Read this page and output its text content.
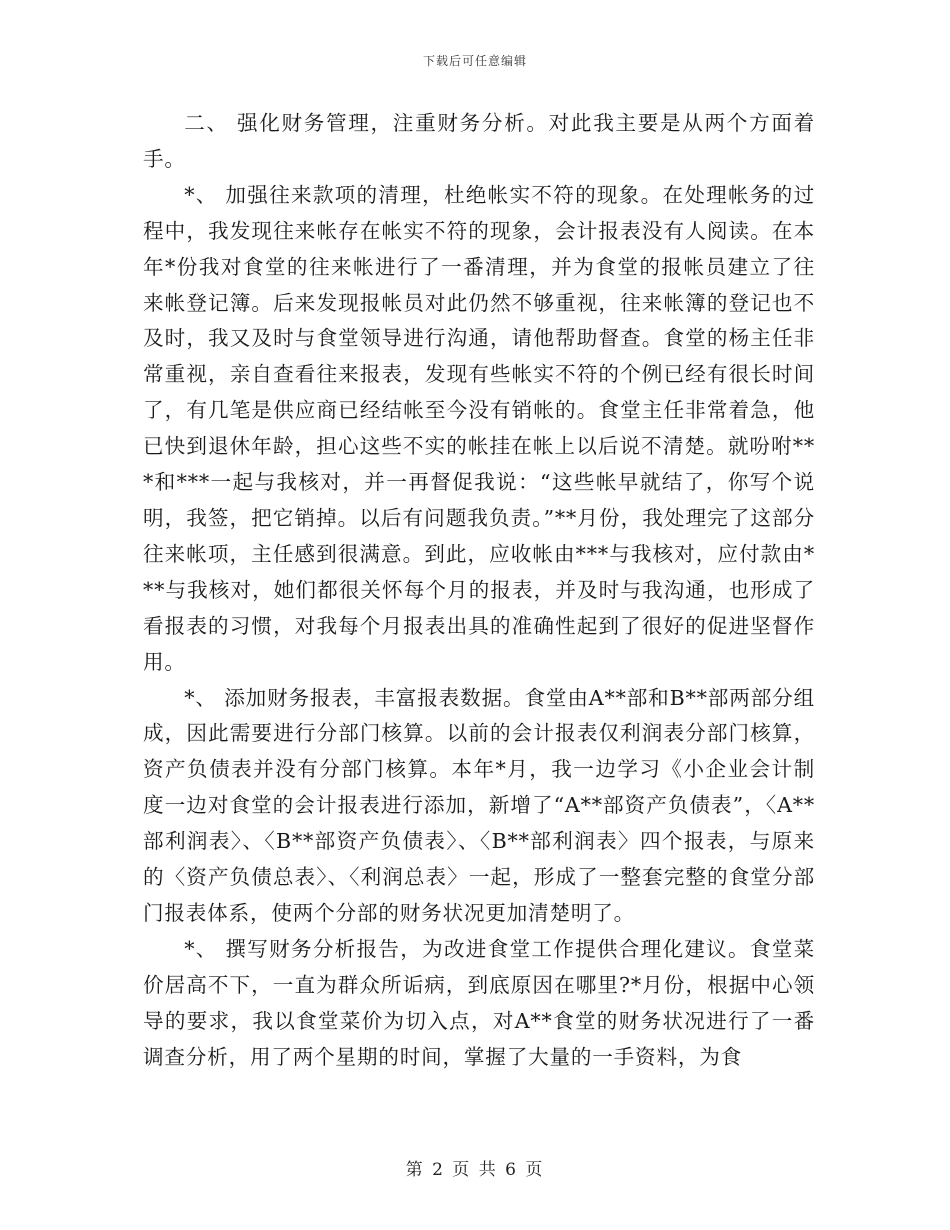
下载后可任意编辑

二、 强化财务管理，注重财务分析。对此我主要是从两个方面着手。

*、 加强往来款项的清理，杜绝帐实不符的现象。在处理帐务的过程中，我发现往来帐存在帐实不符的现象，会计报表没有人阅读。在本年*份我对食堂的往来帐进行了一番清理，并为食堂的报帐员建立了往来帐登记簿。后来发现报帐员对此仍然不够重视，往来帐簿的登记也不及时，我又及时与食堂领导进行沟通，请他帮助督查。食堂的杨主任非常重视，亲自查看往来报表，发现有些帐实不符的个例已经有很长时间了，有几笔是供应商已经结帐至今没有销帐的。食堂主任非常着急，他已快到退休年龄，担心这些不实的帐挂在帐上以后说不清楚。就吩咐***和***一起与我核对，并一再督促我说：“这些帐早就结了，你写个说明，我签，把它销掉。以后有问题我负责。”**月份，我处理完了这部分往来帐项，主任感到很满意。到此，应收帐由***与我核对，应付款由***与我核对，她们都很关怀每个月的报表，并及时与我沟通，也形成了看报表的习惯，对我每个月报表出具的准确性起到了很好的促进坚督作用。

*、 添加财务报表，丰富报表数据。食堂由A**部和B**部两部分组成，因此需要进行分部门核算。以前的会计报表仅利润表分部门核算，资产负债表并没有分部门核算。本年*月，我一边学习《小企业会计制度一边对食堂的会计报表进行添加，新增了“A**部资产负债表”，〈A**部利润表〉、〈B**部资产负债表〉、〈B**部利润表〉四个报表，与原来的〈资产负债总表〉、〈利润总表〉一起，形成了一整套完整的食堂分部门报表体系，使两个分部的财务状况更加清楚明了。

*、 撰写财务分析报告，为改进食堂工作提供合理化建议。食堂菜价居高不下，一直为群众所诟病，到底原因在哪里?*月份，根据中心领导的要求，我以食堂菜价为切入点，对A**食堂的财务状况进行了一番调查分析，用了两个星期的时间，掌握了大量的一手资料，为食

第 2 页 共 6 页
